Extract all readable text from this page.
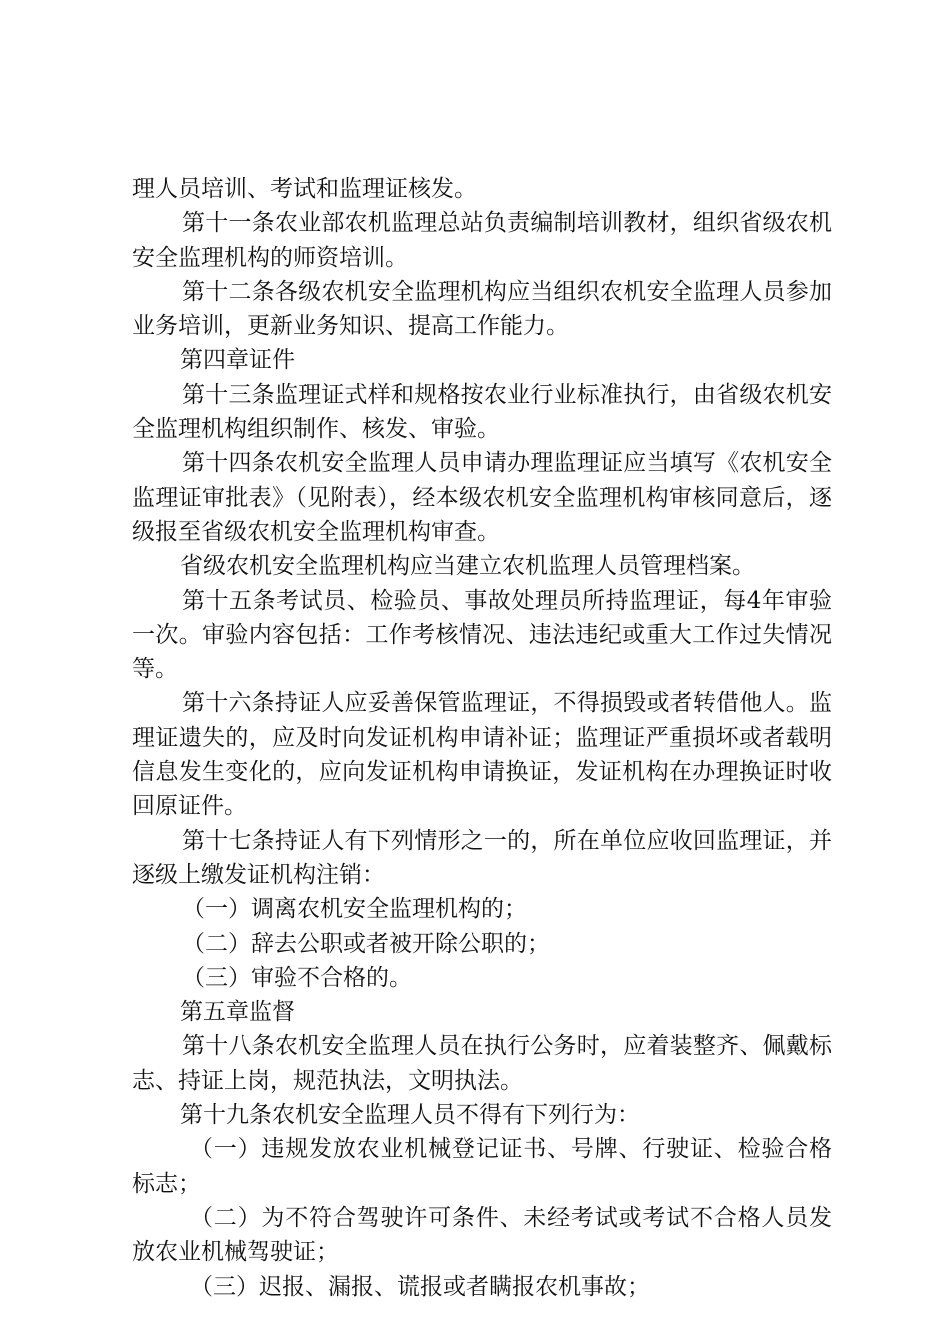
理人员培训、考试和监理证核发。

第十一条农业部农机监理总站负责编制培训教材，组织省级农机安全监理机构的师资培训。

第十二条各级农机安全监理机构应当组织农机安全监理人员参加业务培训，更新业务知识、提高工作能力。

第四章证件

第十三条监理证式样和规格按农业行业标准执行，由省级农机安全监理机构组织制作、核发、审验。

第十四条农机安全监理人员申请办理监理证应当填写《农机安全监理证审批表》（见附表），经本级农机安全监理机构审核同意后，逐级报至省级农机安全监理机构审查。

省级农机安全监理机构应当建立农机监理人员管理档案。

第十五条考试员、检验员、事故处理员所持监理证，每4年审验一次。审验内容包括：工作考核情况、违法违纪或重大工作过失情况等。

第十六条持证人应妥善保管监理证，不得损毁或者转借他人。监理证遗失的，应及时向发证机构申请补证；监理证严重损坏或者载明信息发生变化的，应向发证机构申请换证，发证机构在办理换证时收回原证件。

第十七条持证人有下列情形之一的，所在单位应收回监理证，并逐级上缴发证机构注销：

（一）调离农机安全监理机构的；

（二）辞去公职或者被开除公职的；

（三）审验不合格的。

第五章监督

第十八条农机安全监理人员在执行公务时，应着装整齐、佩戴标志、持证上岗，规范执法，文明执法。

第十九条农机安全监理人员不得有下列行为：

（一）违规发放农业机械登记证书、号牌、行驶证、检验合格标志；

（二）为不符合驾驶许可条件、未经考试或考试不合格人员发放农业机械驾驶证；

（三）迟报、漏报、谎报或者瞒报农机事故；
